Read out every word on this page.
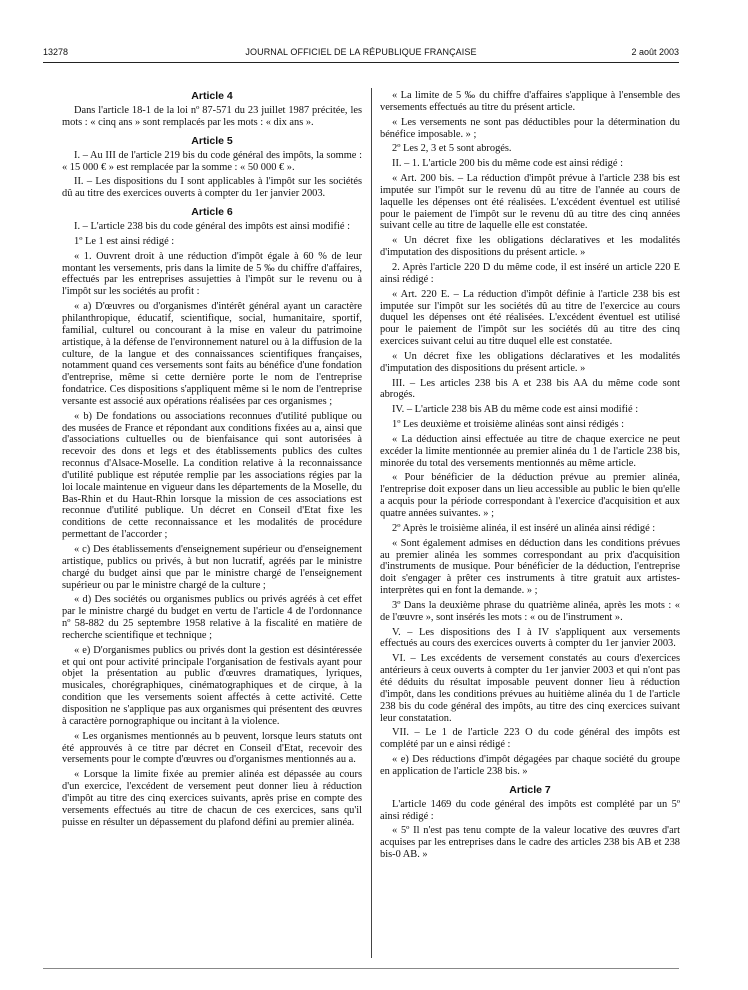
13278	JOURNAL OFFICIEL DE LA RÉPUBLIQUE FRANÇAISE	2 août 2003
Article 4

Dans l'article 18-1 de la loi nº 87-571 du 23 juillet 1987 précitée, les mots : « cinq ans » sont remplacés par les mots : « dix ans ».

Article 5

I. – Au III de l'article 219 bis du code général des impôts, la somme : « 15 000 € » est remplacée par la somme : « 50 000 € ».

II. – Les dispositions du I sont applicables à l'impôt sur les sociétés dû au titre des exercices ouverts à compter du 1er janvier 2003.

Article 6

I. – L'article 238 bis du code général des impôts est ainsi modifié :

1º Le 1 est ainsi rédigé :

« 1. Ouvrent droit à une réduction d'impôt égale à 60 % de leur montant les versements, pris dans la limite de 5 ‰ du chiffre d'affaires, effectués par les entreprises assujetties à l'impôt sur le revenu ou à l'impôt sur les sociétés au profit :

« a) D'œuvres ou d'organismes d'intérêt général ayant un caractère philanthropique, éducatif, scientifique, social, humanitaire, sportif, familial, culturel ou concourant à la mise en valeur du patrimoine artistique, à la défense de l'environnement naturel ou à la diffusion de la culture, de la langue et des connaissances scientifiques françaises, notamment quand ces versements sont faits au bénéfice d'une fondation d'entreprise, même si cette dernière porte le nom de l'entreprise fondatrice. Ces dispositions s'appliquent même si le nom de l'entreprise versante est associé aux opérations réalisées par ces organismes ;

« b) De fondations ou associations reconnues d'utilité publique ou des musées de France et répondant aux conditions fixées au a, ainsi que d'associations cultuelles ou de bienfaisance qui sont autorisées à recevoir des dons et legs et des établissements publics des cultes reconnus d'Alsace-Moselle. La condition relative à la reconnaissance d'utilité publique est réputée remplie par les associations régies par la loi locale maintenue en vigueur dans les départements de la Moselle, du Bas-Rhin et du Haut-Rhin lorsque la mission de ces associations est reconnue d'utilité publique. Un décret en Conseil d'Etat fixe les conditions de cette reconnaissance et les modalités de procédure permettant de l'accorder ;

« c) Des établissements d'enseignement supérieur ou d'enseignement artistique, publics ou privés, à but non lucratif, agréés par le ministre chargé du budget ainsi que par le ministre chargé de l'enseignement supérieur ou par le ministre chargé de la culture ;

« d) Des sociétés ou organismes publics ou privés agréés à cet effet par le ministre chargé du budget en vertu de l'article 4 de l'ordonnance nº 58-882 du 25 septembre 1958 relative à la fiscalité en matière de recherche scientifique et technique ;

« e) D'organismes publics ou privés dont la gestion est désintéressée et qui ont pour activité principale l'organisation de festivals ayant pour objet la présentation au public d'œuvres dramatiques, lyriques, musicales, chorégraphiques, cinématographiques et de cirque, à la condition que les versements soient affectés à cette activité. Cette disposition ne s'applique pas aux organismes qui présentent des œuvres à caractère pornographique ou incitant à la violence.

« Les organismes mentionnés au b peuvent, lorsque leurs statuts ont été approuvés à ce titre par décret en Conseil d'Etat, recevoir des versements pour le compte d'œuvres ou d'organismes mentionnés au a.

« Lorsque la limite fixée au premier alinéa est dépassée au cours d'un exercice, l'excédent de versement peut donner lieu à réduction d'impôt au titre des cinq exercices suivants, après prise en compte des versements effectués au titre de chacun de ces exercices, sans qu'il puisse en résulter un dépassement du plafond défini au premier alinéa.

« La limite de 5 ‰ du chiffre d'affaires s'applique à l'ensemble des versements effectués au titre du présent article.

« Les versements ne sont pas déductibles pour la détermination du bénéfice imposable. » ;

2º Les 2, 3 et 5 sont abrogés.

II. – 1. L'article 200 bis du même code est ainsi rédigé :

« Art. 200 bis. – La réduction d'impôt prévue à l'article 238 bis est imputée sur l'impôt sur le revenu dû au titre de l'année au cours de laquelle les dépenses ont été réalisées. L'excédent éventuel est utilisé pour le paiement de l'impôt sur le revenu dû au titre des cinq années suivant celle au titre de laquelle elle est constatée.

« Un décret fixe les obligations déclaratives et les modalités d'imputation des dispositions du présent article. »

2. Après l'article 220 D du même code, il est inséré un article 220 E ainsi rédigé :

« Art. 220 E. – La réduction d'impôt définie à l'article 238 bis est imputée sur l'impôt sur les sociétés dû au titre de l'exercice au cours duquel les dépenses ont été réalisées. L'excédent éventuel est utilisé pour le paiement de l'impôt sur les sociétés dû au titre des cinq exercices suivant celui au titre duquel elle est constatée.

« Un décret fixe les obligations déclaratives et les modalités d'imputation des dispositions du présent article. »

III. – Les articles 238 bis A et 238 bis AA du même code sont abrogés.

IV. – L'article 238 bis AB du même code est ainsi modifié :

1º Les deuxième et troisième alinéas sont ainsi rédigés :

« La déduction ainsi effectuée au titre de chaque exercice ne peut excéder la limite mentionnée au premier alinéa du 1 de l'article 238 bis, minorée du total des versements mentionnés au même article.

« Pour bénéficier de la déduction prévue au premier alinéa, l'entreprise doit exposer dans un lieu accessible au public le bien qu'elle a acquis pour la période correspondant à l'exercice d'acquisition et aux quatre années suivantes. » ;

2º Après le troisième alinéa, il est inséré un alinéa ainsi rédigé :

« Sont également admises en déduction dans les conditions prévues au premier alinéa les sommes correspondant au prix d'acquisition d'instruments de musique. Pour bénéficier de la déduction, l'entreprise doit s'engager à prêter ces instruments à titre gratuit aux artistes-interprètes qui en font la demande. » ;

3º Dans la deuxième phrase du quatrième alinéa, après les mots : « de l'œuvre », sont insérés les mots : « ou de l'instrument ».

V. – Les dispositions des I à IV s'appliquent aux versements effectués au cours des exercices ouverts à compter du 1er janvier 2003.

VI. – Les excédents de versement constatés au cours d'exercices antérieurs à ceux ouverts à compter du 1er janvier 2003 et qui n'ont pas été déduits du résultat imposable peuvent donner lieu à réduction d'impôt, dans les conditions prévues au huitième alinéa du 1 de l'article 238 bis du code général des impôts, au titre des cinq exercices suivant leur constatation.

VII. – Le 1 de l'article 223 O du code général des impôts est complété par un e ainsi rédigé :

« e) Des réductions d'impôt dégagées par chaque société du groupe en application de l'article 238 bis. »

Article 7

L'article 1469 du code général des impôts est complété par un 5º ainsi rédigé :

« 5º Il n'est pas tenu compte de la valeur locative des œuvres d'art acquises par les entreprises dans le cadre des articles 238 bis AB et 238 bis-0 AB. »
